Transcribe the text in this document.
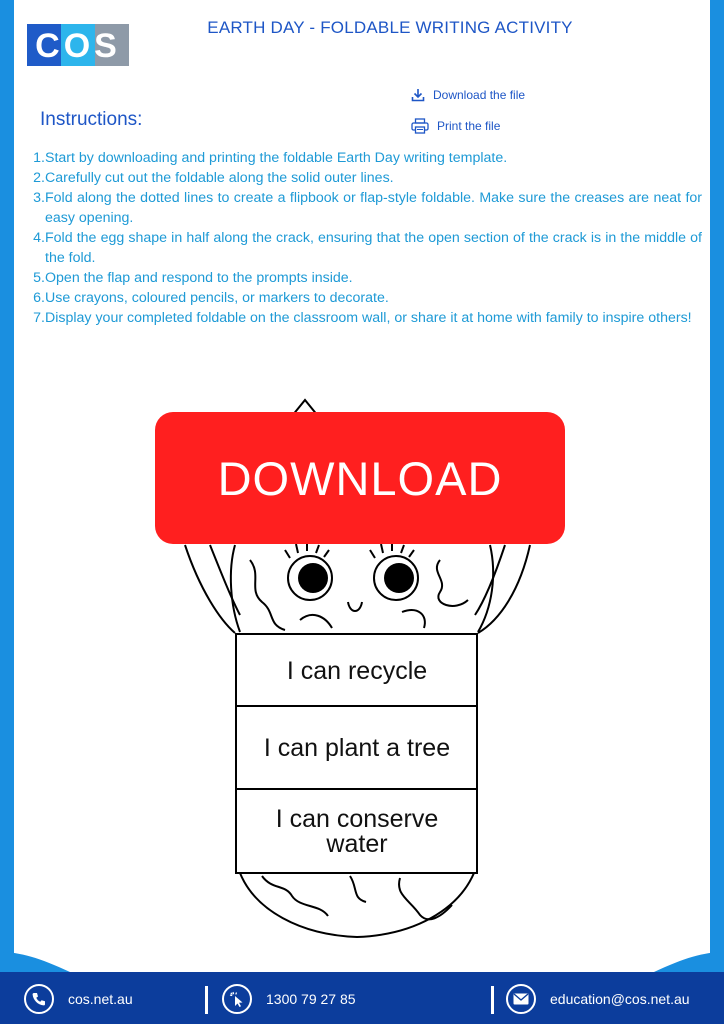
COS	EARTH DAY - FOLDABLE WRITING ACTIVITY
Download the file
Print the file
Instructions:
1. Start by downloading and printing the foldable Earth Day writing template.
2. Carefully cut out the foldable along the solid outer lines.
3. Fold along the dotted lines to create a flipbook or flap-style foldable. Make sure the creases are neat for easy opening.
4. Fold the egg shape in half along the crack, ensuring that the open section of the crack is in the middle of the fold.
5. Open the flap and respond to the prompts inside.
6. Use crayons, coloured pencils, or markers to decorate.
7. Display your completed foldable on the classroom wall, or share it at home with family to inspire others!
DOWNLOAD
I can recycle
I can plant a tree
I can conserve water
cos.net.au	1300 79 27 85	education@cos.net.au
